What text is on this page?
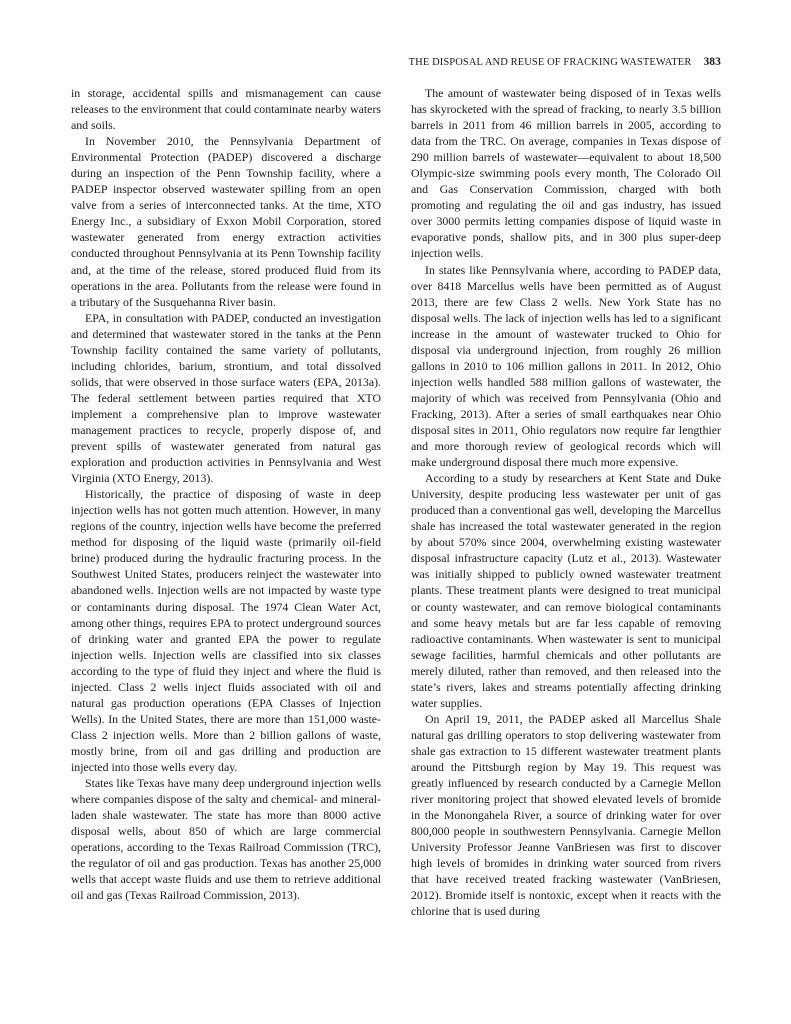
THE DISPOSAL AND REUSE OF FRACKING WASTEWATER 383

in storage, accidental spills and mismanagement can cause releases to the environment that could contaminate nearby waters and soils.

In November 2010, the Pennsylvania Department of Environmental Protection (PADEP) discovered a discharge during an inspection of the Penn Township facility, where a PADEP inspector observed wastewater spilling from an open valve from a series of interconnected tanks. At the time, XTO Energy Inc., a subsidiary of Exxon Mobil Corporation, stored wastewater generated from energy extraction activities conducted throughout Pennsylvania at its Penn Township facility and, at the time of the release, stored produced fluid from its operations in the area. Pollutants from the release were found in a tributary of the Susquehanna River basin.

EPA, in consultation with PADEP, conducted an investigation and determined that wastewater stored in the tanks at the Penn Township facility contained the same variety of pollutants, including chlorides, barium, strontium, and total dissolved solids, that were observed in those surface waters (EPA, 2013a). The federal settlement between parties required that XTO implement a comprehensive plan to improve wastewater management practices to recycle, properly dispose of, and prevent spills of wastewater generated from natural gas exploration and production activities in Pennsylvania and West Virginia (XTO Energy, 2013).

Historically, the practice of disposing of waste in deep injection wells has not gotten much attention. However, in many regions of the country, injection wells have become the preferred method for disposing of the liquid waste (primarily oil-field brine) produced during the hydraulic fracturing process. In the Southwest United States, producers reinject the wastewater into abandoned wells. Injection wells are not impacted by waste type or contaminants during disposal. The 1974 Clean Water Act, among other things, requires EPA to protect underground sources of drinking water and granted EPA the power to regulate injection wells. Injection wells are classified into six classes according to the type of fluid they inject and where the fluid is injected. Class 2 wells inject fluids associated with oil and natural gas production operations (EPA Classes of Injection Wells). In the United States, there are more than 151,000 waste-Class 2 injection wells. More than 2 billion gallons of waste, mostly brine, from oil and gas drilling and production are injected into those wells every day.

States like Texas have many deep underground injection wells where companies dispose of the salty and chemical- and mineral-laden shale wastewater. The state has more than 8000 active disposal wells, about 850 of which are large commercial operations, according to the Texas Railroad Commission (TRC), the regulator of oil and gas production. Texas has another 25,000 wells that accept waste fluids and use them to retrieve additional oil and gas (Texas Railroad Commission, 2013).

The amount of wastewater being disposed of in Texas wells has skyrocketed with the spread of fracking, to nearly 3.5 billion barrels in 2011 from 46 million barrels in 2005, according to data from the TRC. On average, companies in Texas dispose of 290 million barrels of wastewater—equivalent to about 18,500 Olympic-size swimming pools every month, The Colorado Oil and Gas Conservation Commission, charged with both promoting and regulating the oil and gas industry, has issued over 3000 permits letting companies dispose of liquid waste in evaporative ponds, shallow pits, and in 300 plus super-deep injection wells.

In states like Pennsylvania where, according to PADEP data, over 8418 Marcellus wells have been permitted as of August 2013, there are few Class 2 wells. New York State has no disposal wells. The lack of injection wells has led to a significant increase in the amount of wastewater trucked to Ohio for disposal via underground injection, from roughly 26 million gallons in 2010 to 106 million gallons in 2011. In 2012, Ohio injection wells handled 588 million gallons of wastewater, the majority of which was received from Pennsylvania (Ohio and Fracking, 2013). After a series of small earthquakes near Ohio disposal sites in 2011, Ohio regulators now require far lengthier and more thorough review of geological records which will make underground disposal there much more expensive.

According to a study by researchers at Kent State and Duke University, despite producing less wastewater per unit of gas produced than a conventional gas well, developing the Marcellus shale has increased the total wastewater generated in the region by about 570% since 2004, overwhelming existing wastewater disposal infrastructure capacity (Lutz et al., 2013). Wastewater was initially shipped to publicly owned wastewater treatment plants. These treatment plants were designed to treat municipal or county wastewater, and can remove biological contaminants and some heavy metals but are far less capable of removing radioactive contaminants. When wastewater is sent to municipal sewage facilities, harmful chemicals and other pollutants are merely diluted, rather than removed, and then released into the state’s rivers, lakes and streams potentially affecting drinking water supplies.

On April 19, 2011, the PADEP asked all Marcellus Shale natural gas drilling operators to stop delivering wastewater from shale gas extraction to 15 different wastewater treatment plants around the Pittsburgh region by May 19. This request was greatly influenced by research conducted by a Carnegie Mellon river monitoring project that showed elevated levels of bromide in the Monongahela River, a source of drinking water for over 800,000 people in southwestern Pennsylvania. Carnegie Mellon University Professor Jeanne VanBriesen was first to discover high levels of bromides in drinking water sourced from rivers that have received treated fracking wastewater (VanBriesen, 2012). Bromide itself is nontoxic, except when it reacts with the chlorine that is used during
